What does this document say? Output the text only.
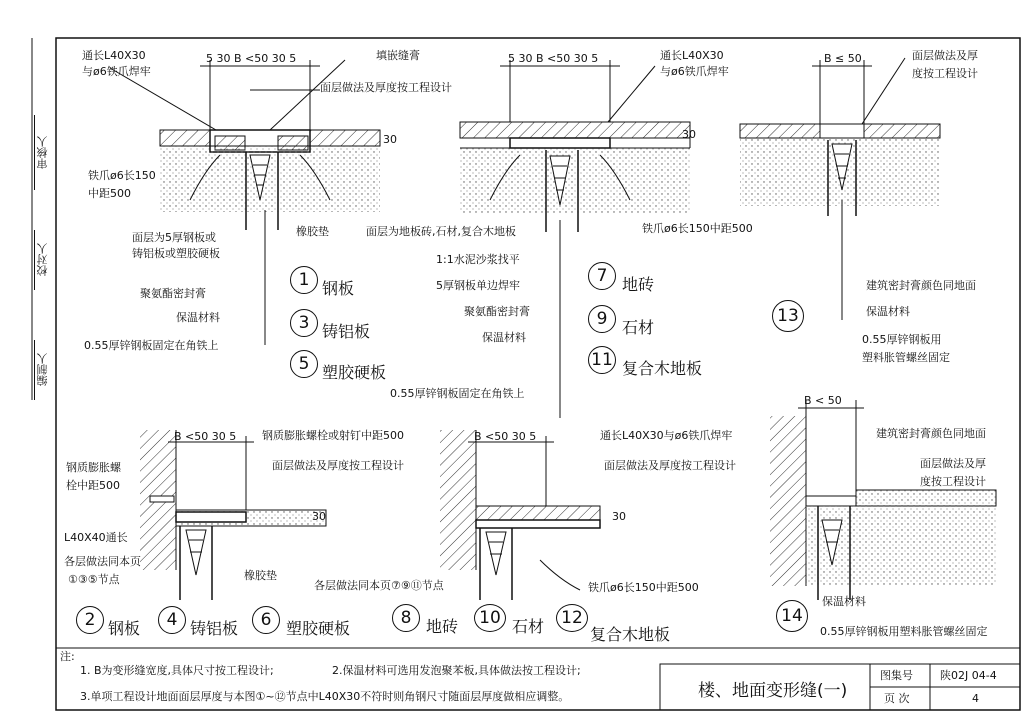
审核人
校对人
编制人
通长L40X30
与ø6铁爪焊牢
5 30 B <50 30 5	填嵌缝膏
面层做法及厚度按工程设计
30
铁爪ø6长150
中距500
橡胶垫
面层为5厚钢板或
铸铝板或塑胶硬板
聚氨酯密封膏
保温材料
0.55厚锌钢板固定在角铁上
1 钢板
3 铸铝板
5 塑胶硬板
5 30 B <50 30 5	通长L40X30
与ø6铁爪焊牢
30
面层为地板砖,石材,复合木地板	铁爪ø6长150中距500
1:1水泥沙浆找平
5厚钢板单边焊牢
聚氨酯密封膏
保温材料
0.55厚锌钢板固定在角铁上
7 地砖
9 石材
11 复合木地板
B ≤ 50	面层做法及厚
度按工程设计
建筑密封膏颜色同地面
保温材料
0.55厚锌钢板用
塑料胀管螺丝固定
13
B <50 30 5
钢质膨胀螺
栓中距500
钢质膨胀螺栓或射钉中距500
面层做法及厚度按工程设计
30
L40X40通长
各层做法同本页
①③⑤节点	橡胶垫
2 钢板	4 铸铝板	6 塑胶硬板
B <50 30 5	通长L40X30与ø6铁爪焊牢
面层做法及厚度按工程设计
30
各层做法同本页⑦⑨⑪节点	铁爪ø6长150中距500
8 地砖	10 石材	12
复合木地板
B < 50
建筑密封膏颜色同地面
面层做法及厚
度按工程设计
保温材料
0.55厚锌钢板用塑料胀管螺丝固定
14
注:
1. B为变形缝宽度,具体尺寸按工程设计;	2.保温材料可选用发泡聚苯板,具体做法按工程设计;
3.单项工程设计地面面层厚度与本图①~⑫节点中L40X30不符时则角钢尺寸随面层厚度做相应调整。	楼、地面变形缝(一)
图集号 陕02J 04-4
页 次	4
